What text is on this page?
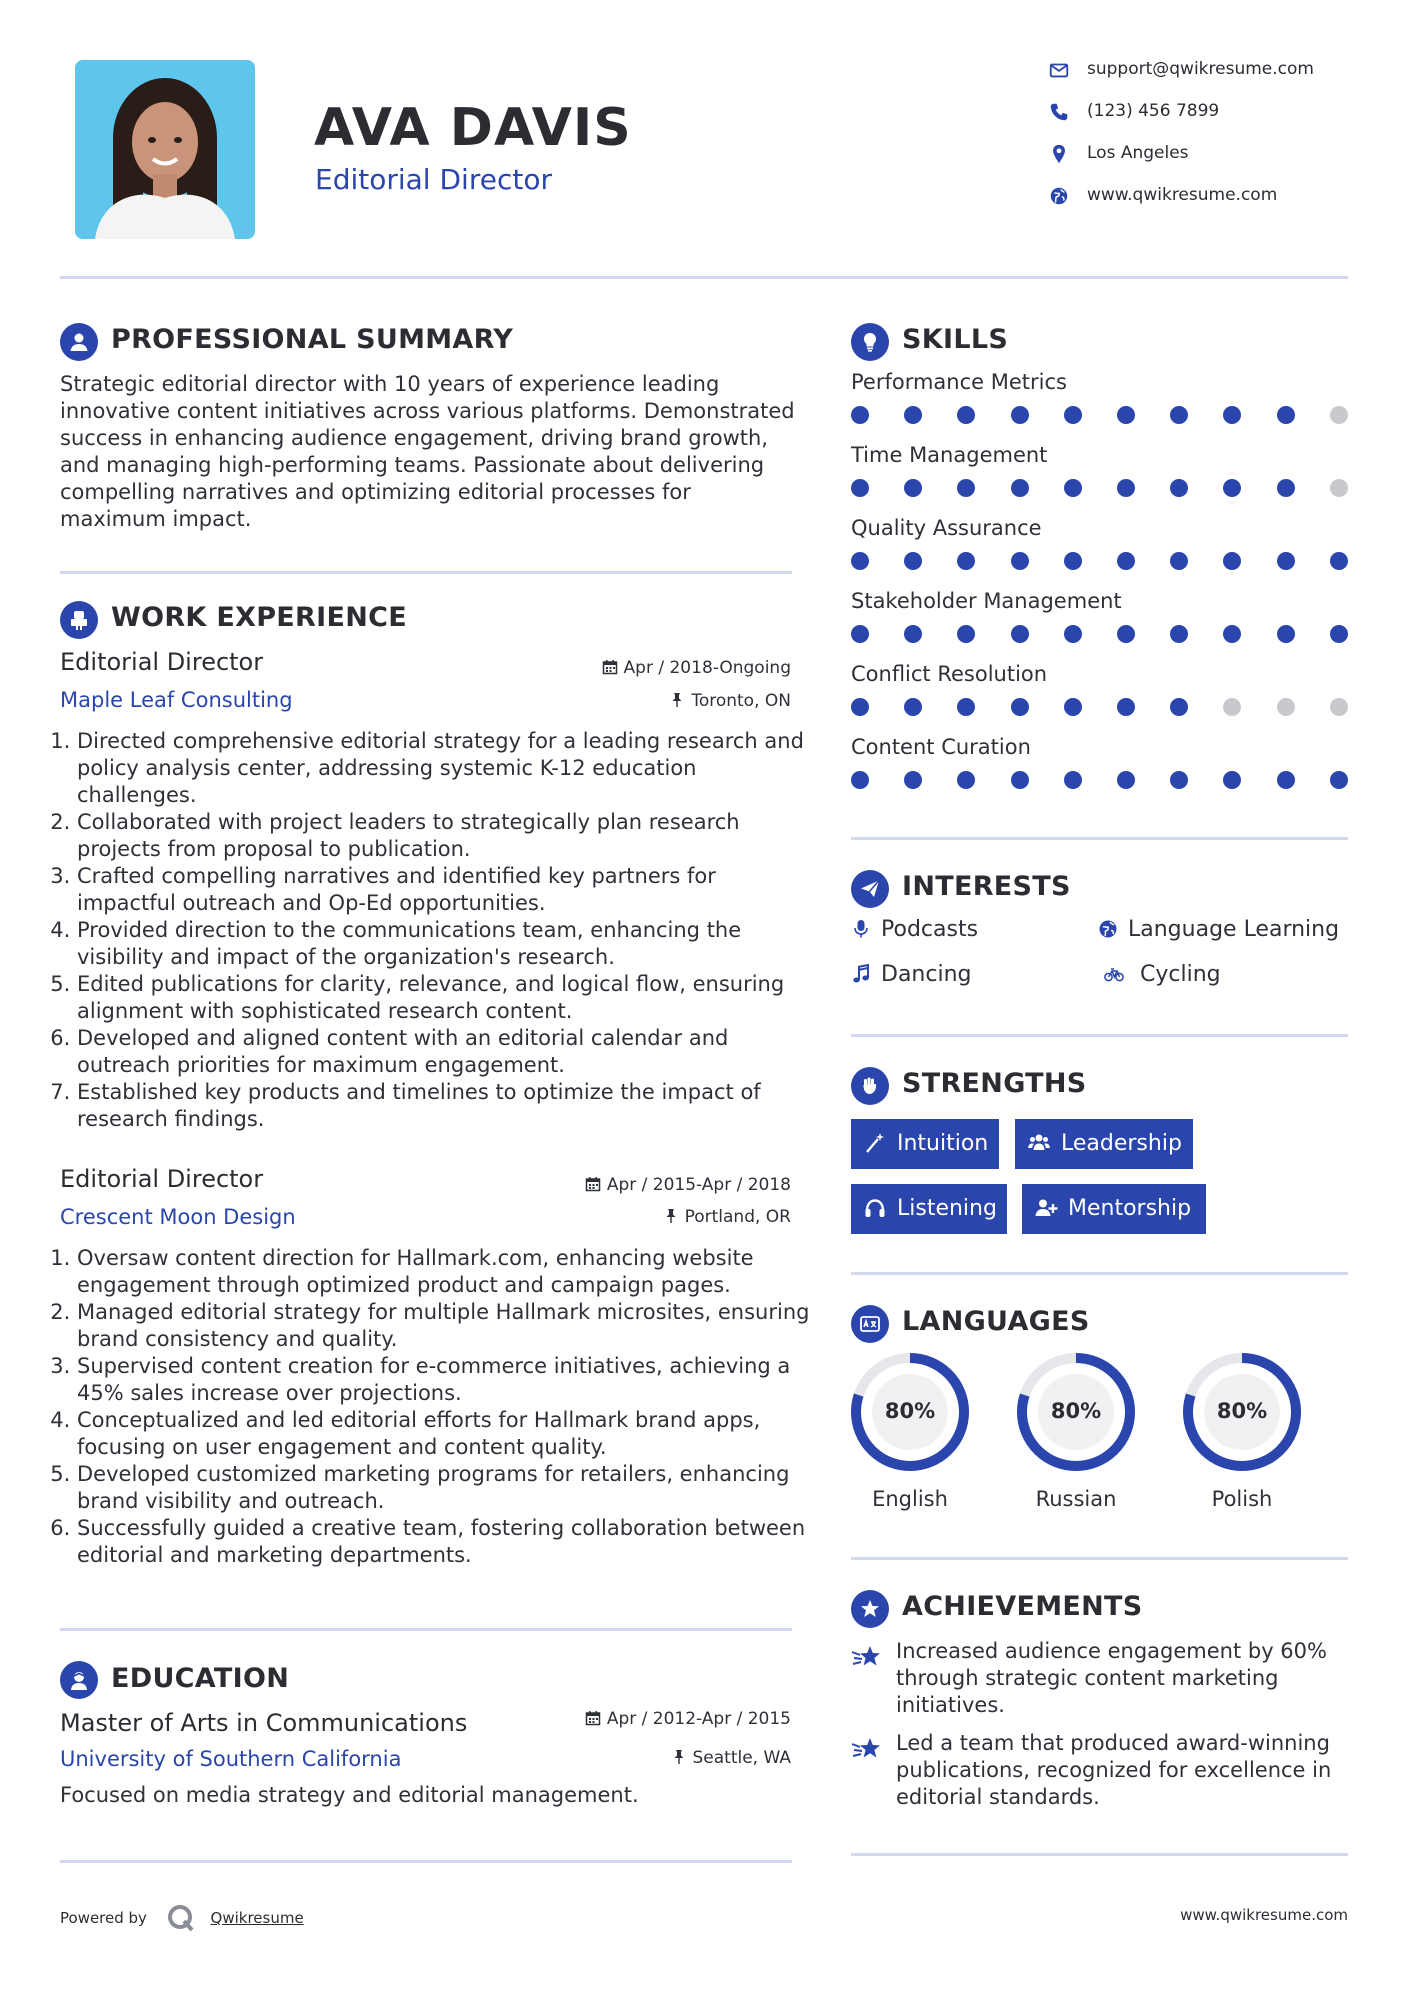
AVA DAVIS
Editorial Director
support@qwikresume.com
(123) 456 7899
Los Angeles
www.qwikresume.com
PROFESSIONAL SUMMARY
Strategic editorial director with 10 years of experience leading innovative content initiatives across various platforms. Demonstrated success in enhancing audience engagement, driving brand growth, and managing high-performing teams. Passionate about delivering compelling narratives and optimizing editorial processes for maximum impact.
WORK EXPERIENCE
Editorial Director	Apr / 2018-Ongoing
Maple Leaf Consulting	Toronto, ON
1. Directed comprehensive editorial strategy for a leading research and policy analysis center, addressing systemic K-12 education challenges.
2. Collaborated with project leaders to strategically plan research projects from proposal to publication.
3. Crafted compelling narratives and identified key partners for impactful outreach and Op-Ed opportunities.
4. Provided direction to the communications team, enhancing the visibility and impact of the organization's research.
5. Edited publications for clarity, relevance, and logical flow, ensuring alignment with sophisticated research content.
6. Developed and aligned content with an editorial calendar and outreach priorities for maximum engagement.
7. Established key products and timelines to optimize the impact of research findings.
Editorial Director	Apr / 2015-Apr / 2018
Crescent Moon Design	Portland, OR
1. Oversaw content direction for Hallmark.com, enhancing website engagement through optimized product and campaign pages.
2. Managed editorial strategy for multiple Hallmark microsites, ensuring brand consistency and quality.
3. Supervised content creation for e-commerce initiatives, achieving a 45% sales increase over projections.
4. Conceptualized and led editorial efforts for Hallmark brand apps, focusing on user engagement and content quality.
5. Developed customized marketing programs for retailers, enhancing brand visibility and outreach.
6. Successfully guided a creative team, fostering collaboration between editorial and marketing departments.
EDUCATION
Master of Arts in Communications	Apr / 2012-Apr / 2015
University of Southern California	Seattle, WA
Focused on media strategy and editorial management.
SKILLS
Performance Metrics
Time Management
Quality Assurance
Stakeholder Management
Conflict Resolution
Content Curation
INTERESTS
Podcasts	Language Learning
Dancing	Cycling
STRENGTHS
Intuition	Leadership
Listening	Mentorship
LANGUAGES
80%
English
80%
Russian
80%
Polish
ACHIEVEMENTS
Increased audience engagement by 60% through strategic content marketing initiatives.
Led a team that produced award-winning publications, recognized for excellence in editorial standards.
Powered by	Qwikresume	www.qwikresume.com
